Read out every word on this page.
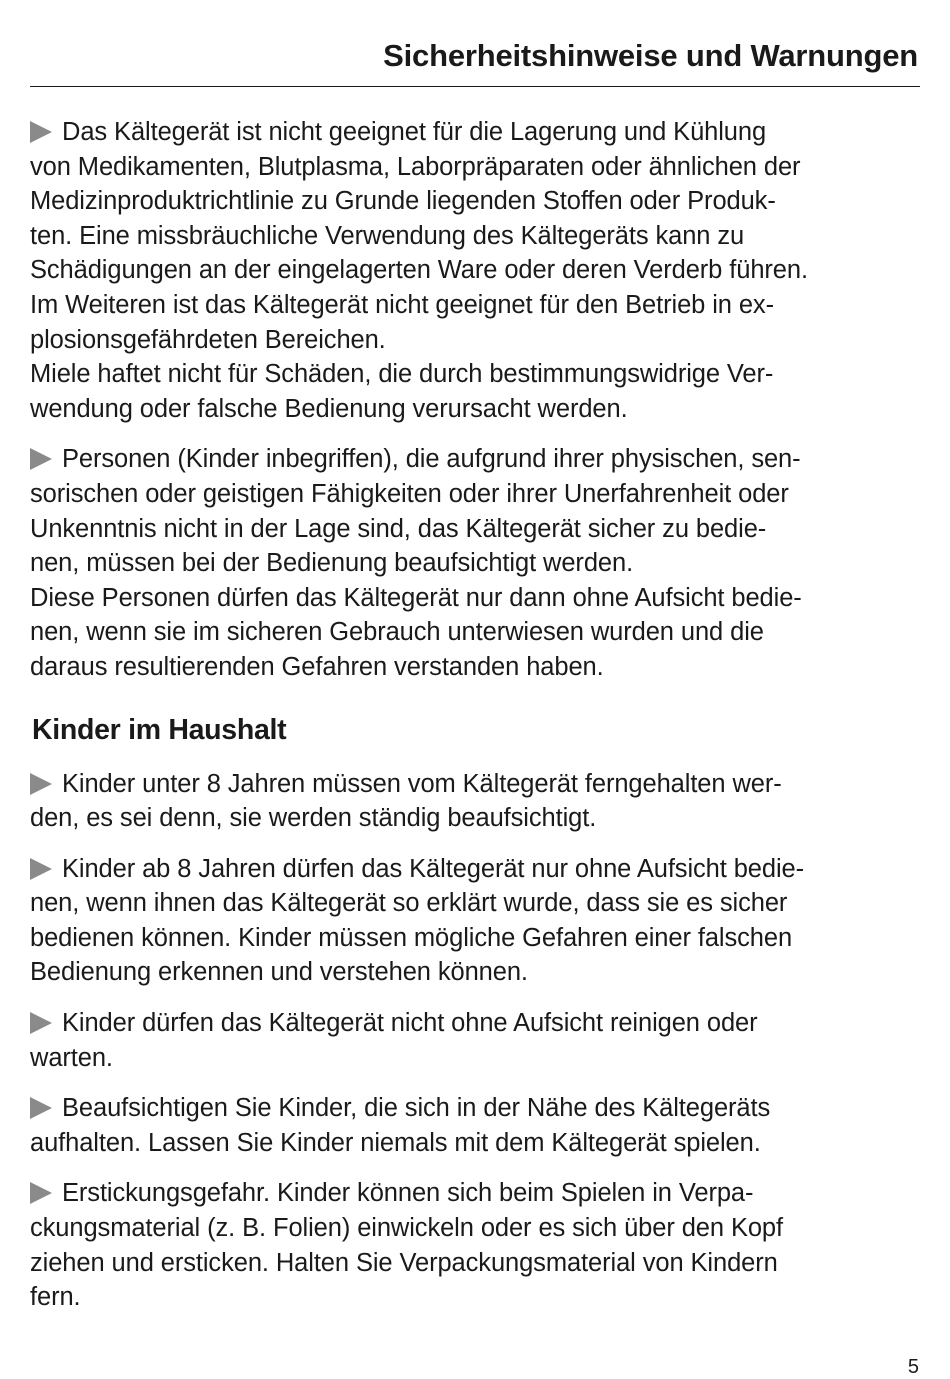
Sicherheitshinweise und Warnungen
Das Kältegerät ist nicht geeignet für die Lagerung und Kühlung
von Medikamenten, Blutplasma, Laborpräparaten oder ähnlichen der
Medizinproduktrichtlinie zu Grunde liegenden Stoffen oder Produk-
ten. Eine missbräuchliche Verwendung des Kältegeräts kann zu
Schädigungen an der eingelagerten Ware oder deren Verderb führen.
Im Weiteren ist das Kältegerät nicht geeignet für den Betrieb in ex-
plosionsgefährdeten Bereichen.
Miele haftet nicht für Schäden, die durch bestimmungswidrige Ver-
wendung oder falsche Bedienung verursacht werden.
Personen (Kinder inbegriffen), die aufgrund ihrer physischen, sen-
sorischen oder geistigen Fähigkeiten oder ihrer Unerfahrenheit oder
Unkenntnis nicht in der Lage sind, das Kältegerät sicher zu bedie-
nen, müssen bei der Bedienung beaufsichtigt werden.
Diese Personen dürfen das Kältegerät nur dann ohne Aufsicht bedie-
nen, wenn sie im sicheren Gebrauch unterwiesen wurden und die
daraus resultierenden Gefahren verstanden haben.
Kinder im Haushalt
Kinder unter 8 Jahren müssen vom Kältegerät ferngehalten wer-
den, es sei denn, sie werden ständig beaufsichtigt.
Kinder ab 8 Jahren dürfen das Kältegerät nur ohne Aufsicht bedie-
nen, wenn ihnen das Kältegerät so erklärt wurde, dass sie es sicher
bedienen können. Kinder müssen mögliche Gefahren einer falschen
Bedienung erkennen und verstehen können.
Kinder dürfen das Kältegerät nicht ohne Aufsicht reinigen oder
warten.
Beaufsichtigen Sie Kinder, die sich in der Nähe des Kältegeräts
aufhalten. Lassen Sie Kinder niemals mit dem Kältegerät spielen.
Erstickungsgefahr. Kinder können sich beim Spielen in Verpa-
ckungsmaterial (z. B. Folien) einwickeln oder es sich über den Kopf
ziehen und ersticken. Halten Sie Verpackungsmaterial von Kindern
fern.
5
